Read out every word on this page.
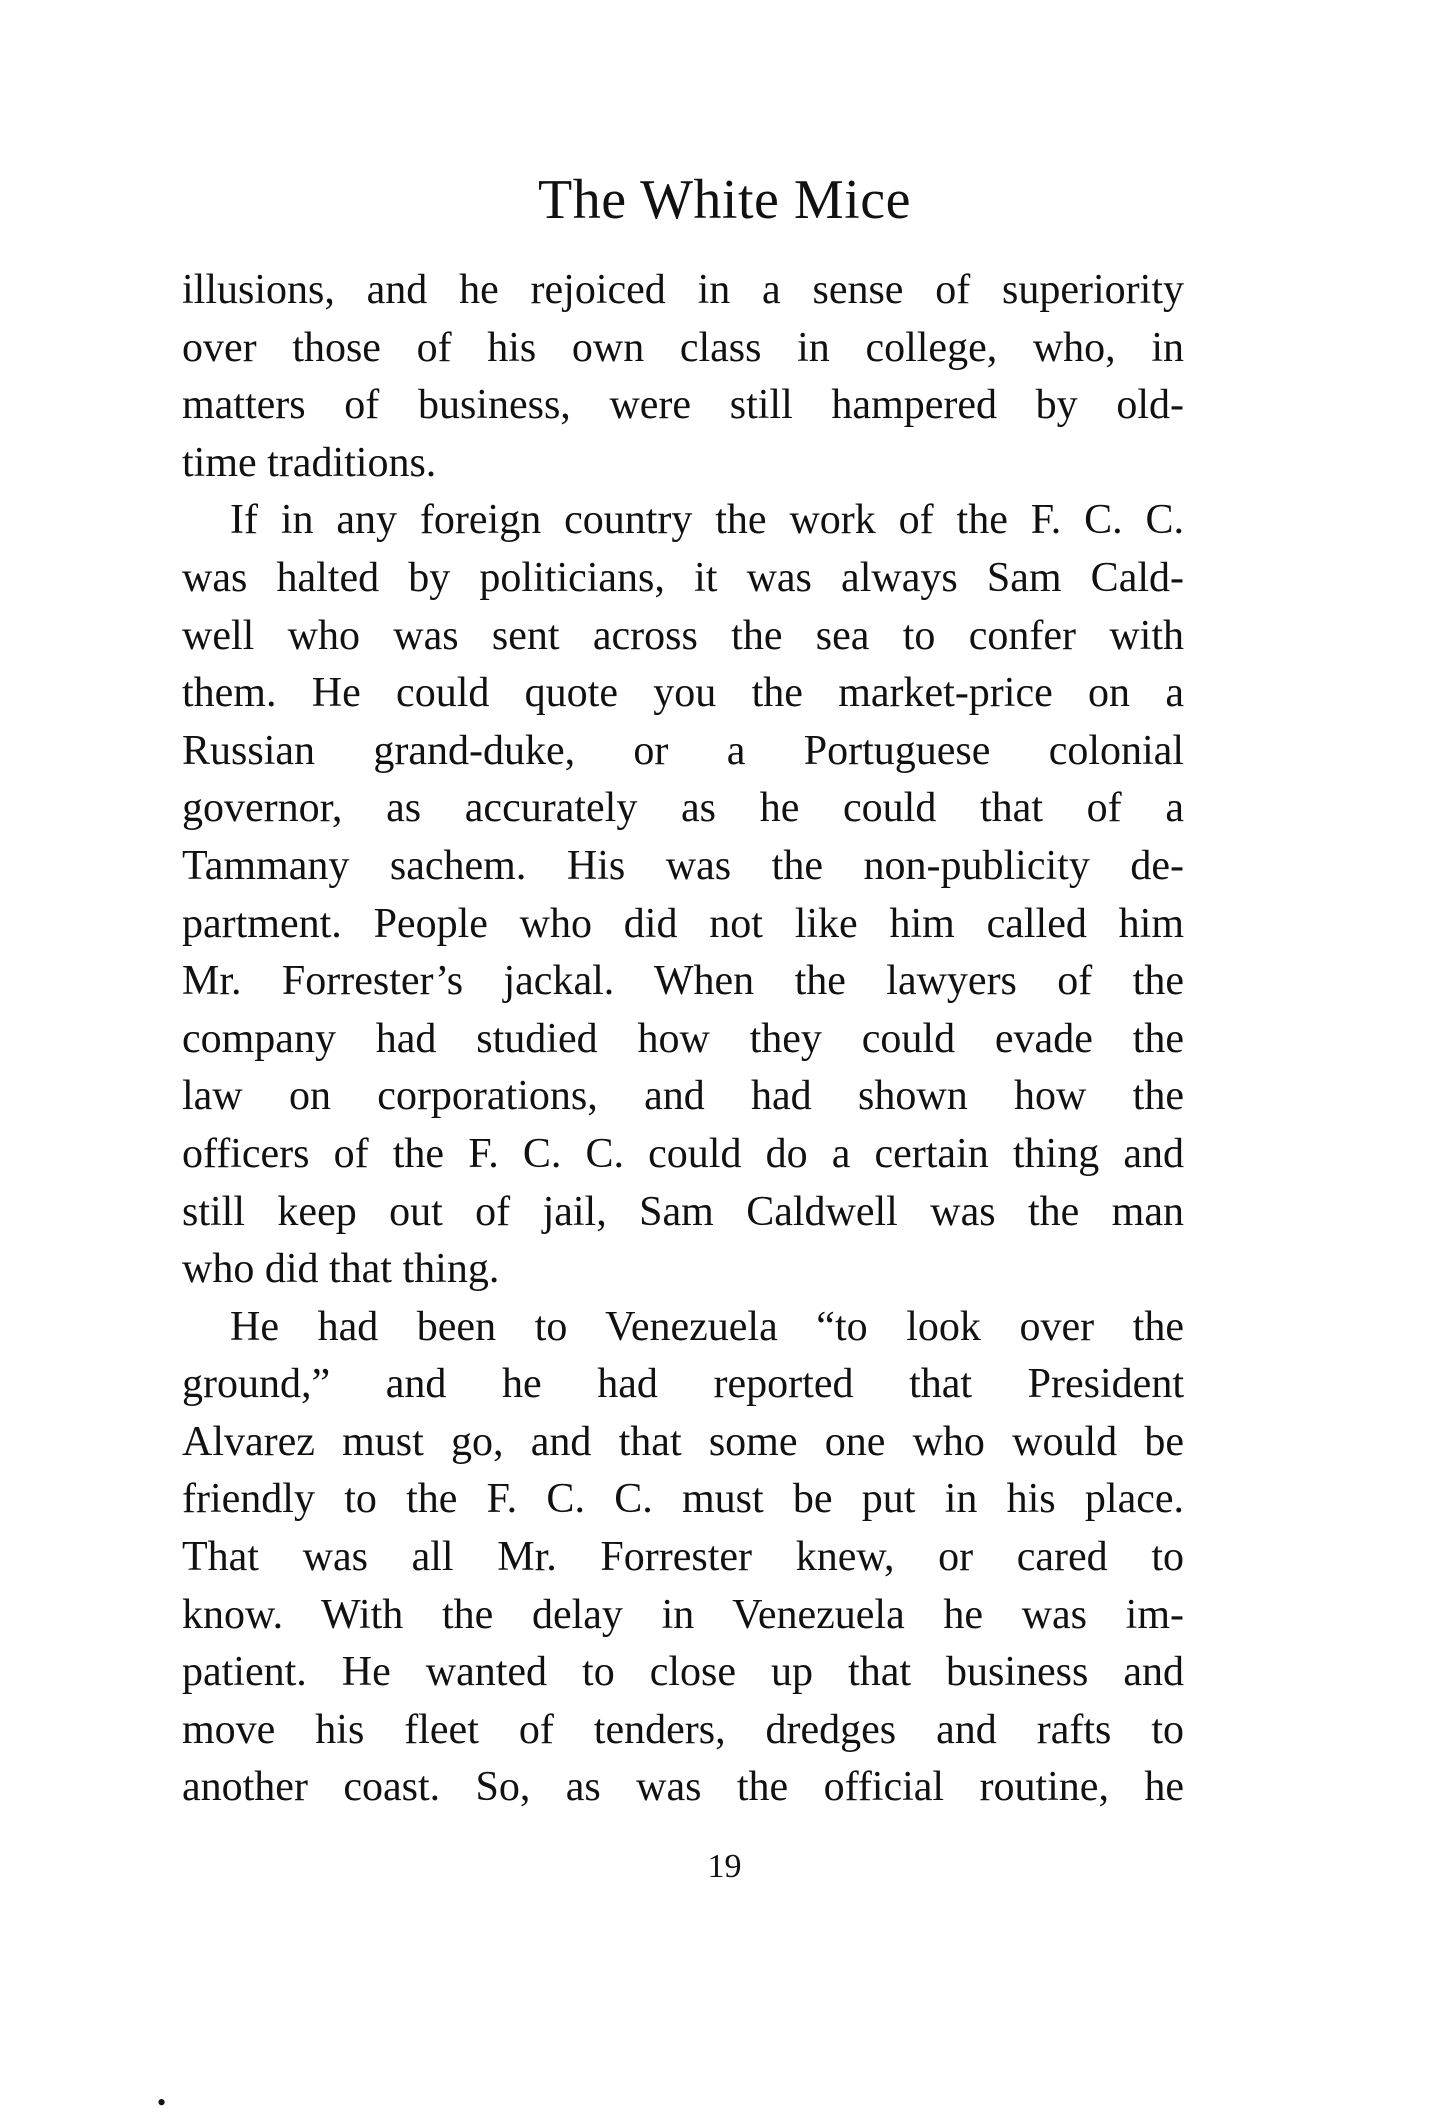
The White Mice
illusions, and he rejoiced in a sense of superiority
over those of his own class in college, who, in
matters of business, were still hampered by old-
time traditions.
If in any foreign country the work of the F. C. C.
was halted by politicians, it was always Sam Cald-
well who was sent across the sea to confer with
them. He could quote you the market-price on a
Russian grand-duke, or a Portuguese colonial
governor, as accurately as he could that of a
Tammany sachem. His was the non-publicity de-
partment. People who did not like him called him
Mr. Forrester’s jackal. When the lawyers of the
company had studied how they could evade the
law on corporations, and had shown how the
officers of the F. C. C. could do a certain thing and
still keep out of jail, Sam Caldwell was the man
who did that thing.
He had been to Venezuela “to look over the
ground,” and he had reported that President
Alvarez must go, and that some one who would be
friendly to the F. C. C. must be put in his place.
That was all Mr. Forrester knew, or cared to
know. With the delay in Venezuela he was im-
patient. He wanted to close up that business and
move his fleet of tenders, dredges and rafts to
another coast. So, as was the official routine, he
19
•
